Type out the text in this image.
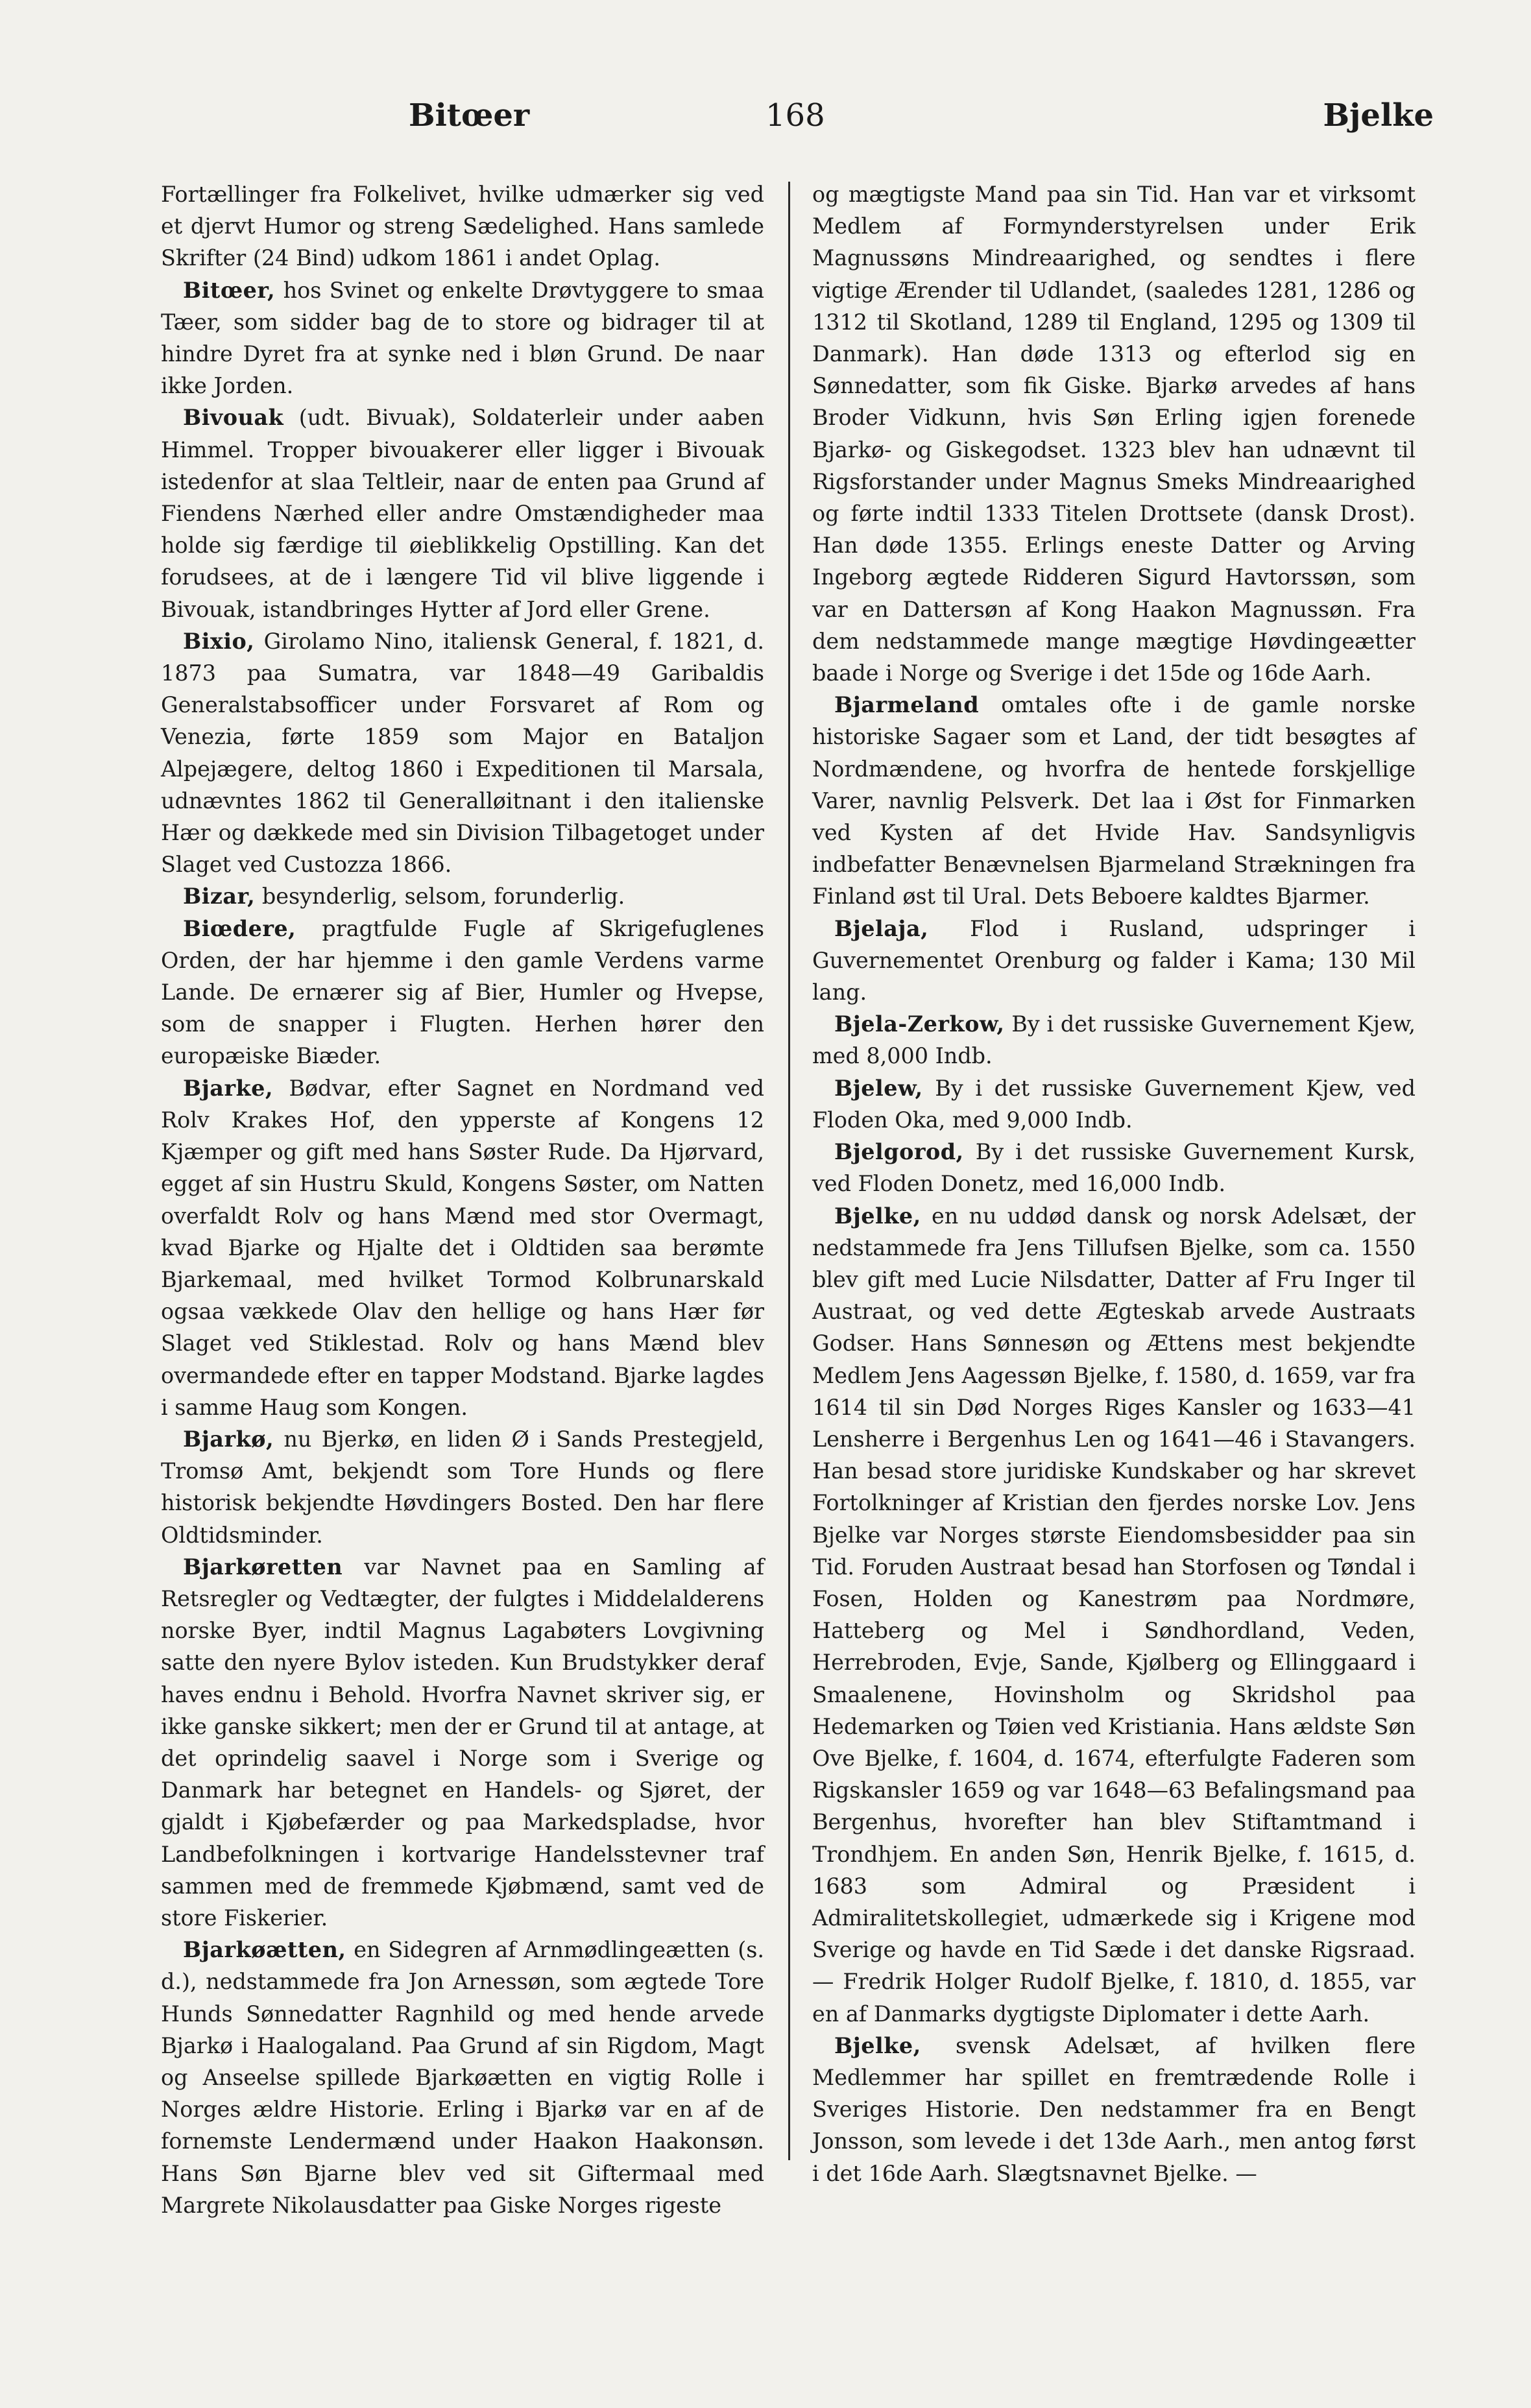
Bitœer	168	Bjelke

Fortællinger fra Folkelivet, hvilke udmærker sig ved et djervt Humor og streng Sædelighed. Hans samlede Skrifter (24 Bind) udkom 1861 i andet Oplag.

Bitœer, hos Svinet og enkelte Drøvtyggere to smaa Tæer, som sidder bag de to store og bidrager til at hindre Dyret fra at synke ned i bløn Grund. De naar ikke Jorden.

Bivouak (udt. Bivuak), Soldaterleir under aaben Himmel. Tropper bivouakerer eller ligger i Bivouak istedenfor at slaa Teltleir, naar de enten paa Grund af Fiendens Nærhed eller andre Omstændigheder maa holde sig færdige til øieblikkelig Opstilling. Kan det forudsees, at de i længere Tid vil blive liggende i Bivouak, istandbringes Hytter af Jord eller Grene.

Bixio, Girolamo Nino, italiensk General, f. 1821, d. 1873 paa Sumatra, var 1848—49 Garibaldis Generalstabsofficer under Forsvaret af Rom og Venezia, førte 1859 som Major en Bataljon Alpejægere, deltog 1860 i Expeditionen til Marsala, udnævntes 1862 til Generalløitnant i den italienske Hær og dækkede med sin Division Tilbagetoget under Slaget ved Custozza 1866.

Bizar, besynderlig, selsom, forunderlig.

Biœdere, pragtfulde Fugle af Skrigefuglenes Orden, der har hjemme i den gamle Verdens varme Lande. De ernærer sig af Bier, Humler og Hvepse, som de snapper i Flugten. Herhen hører den europæiske Biæder.

Bjarke, Bødvar, efter Sagnet en Nordmand ved Rolv Krakes Hof, den ypperste af Kongens 12 Kjæmper og gift med hans Søster Rude. Da Hjørvard, egget af sin Hustru Skuld, Kongens Søster, om Natten overfaldt Rolv og hans Mænd med stor Overmagt, kvad Bjarke og Hjalte det i Oldtiden saa berømte Bjarkemaal, med hvilket Tormod Kolbrunarskald ogsaa vækkede Olav den hellige og hans Hær før Slaget ved Stiklestad. Rolv og hans Mænd blev overmandede efter en tapper Modstand. Bjarke lagdes i samme Haug som Kongen.

Bjarkø, nu Bjerkø, en liden Ø i Sands Prestegjeld, Tromsø Amt, bekjendt som Tore Hunds og flere historisk bekjendte Høvdingers Bosted. Den har flere Oldtidsminder.

Bjarkøretten var Navnet paa en Samling af Retsregler og Vedtægter, der fulgtes i Middelalderens norske Byer, indtil Magnus Lagabøters Lovgivning satte den nyere Bylov isteden. Kun Brudstykker deraf haves endnu i Behold. Hvorfra Navnet skriver sig, er ikke ganske sikkert; men der er Grund til at antage, at det oprindelig saavel i Norge som i Sverige og Danmark har betegnet en Handels- og Sjøret, der gjaldt i Kjøbefærder og paa Markedspladse, hvor Landbefolkningen i kortvarige Handelsstevner traf sammen med de fremmede Kjøbmænd, samt ved de store Fiskerier.

Bjarkøætten, en Sidegren af Arnmødlingeætten (s. d.), nedstammede fra Jon Arnessøn, som ægtede Tore Hunds Sønnedatter Ragnhild og med hende arvede Bjarkø i Haalogaland. Paa Grund af sin Rigdom, Magt og Anseelse spillede Bjarkøætten en vigtig Rolle i Norges ældre Historie. Erling i Bjarkø var en af de fornemste Lendermænd under Haakon Haakonsøn. Hans Søn Bjarne blev ved sit Giftermaal med Margrete Nikolausdatter paa Giske Norges rigeste

og mægtigste Mand paa sin Tid. Han var et virksomt Medlem af Formynderstyrelsen under Erik Magnussøns Mindreaarighed, og sendtes i flere vigtige Ærender til Udlandet, (saaledes 1281, 1286 og 1312 til Skotland, 1289 til England, 1295 og 1309 til Danmark). Han døde 1313 og efterlod sig en Sønnedatter, som fik Giske. Bjarkø arvedes af hans Broder Vidkunn, hvis Søn Erling igjen forenede Bjarkø- og Giskegodset. 1323 blev han udnævnt til Rigsforstander under Magnus Smeks Mindreaarighed og førte indtil 1333 Titelen Drottsete (dansk Drost). Han døde 1355. Erlings eneste Datter og Arving Ingeborg ægtede Ridderen Sigurd Havtorssøn, som var en Dattersøn af Kong Haakon Magnussøn. Fra dem nedstammede mange mægtige Høvdingeætter baade i Norge og Sverige i det 15de og 16de Aarh.

Bjarmeland omtales ofte i de gamle norske historiske Sagaer som et Land, der tidt besøgtes af Nordmændene, og hvorfra de hentede forskjellige Varer, navnlig Pelsverk. Det laa i Øst for Finmarken ved Kysten af det Hvide Hav. Sandsynligvis indbefatter Benævnelsen Bjarmeland Strækningen fra Finland øst til Ural. Dets Beboere kaldtes Bjarmer.

Bjelaja, Flod i Rusland, udspringer i Guvernementet Orenburg og falder i Kama; 130 Mil lang.

Bjela-Zerkow, By i det russiske Guvernement Kjew, med 8,000 Indb.

Bjelew, By i det russiske Guvernement Kjew, ved Floden Oka, med 9,000 Indb.

Bjelgorod, By i det russiske Guvernement Kursk, ved Floden Donetz, med 16,000 Indb.

Bjelke, en nu uddød dansk og norsk Adelsæt, der nedstammede fra Jens Tillufsen Bjelke, som ca. 1550 blev gift med Lucie Nilsdatter, Datter af Fru Inger til Austraat, og ved dette Ægteskab arvede Austraats Godser. Hans Sønnesøn og Ættens mest bekjendte Medlem Jens Aagessøn Bjelke, f. 1580, d. 1659, var fra 1614 til sin Død Norges Riges Kansler og 1633—41 Lensherre i Bergenhus Len og 1641—46 i Stavangers. Han besad store juridiske Kundskaber og har skrevet Fortolkninger af Kristian den fjerdes norske Lov. Jens Bjelke var Norges største Eiendomsbesidder paa sin Tid. Foruden Austraat besad han Storfosen og Tøndal i Fosen, Holden og Kanestrøm paa Nordmøre, Hatteberg og Mel i Søndhordland, Veden, Herrebroden, Evje, Sande, Kjølberg og Ellinggaard i Smaalenene, Hovinsholm og Skridshol paa Hedemarken og Tøien ved Kristiania. Hans ældste Søn Ove Bjelke, f. 1604, d. 1674, efterfulgte Faderen som Rigskansler 1659 og var 1648—63 Befalingsmand paa Bergenhus, hvorefter han blev Stiftamtmand i Trondhjem. En anden Søn, Henrik Bjelke, f. 1615, d. 1683 som Admiral og Præsident i Admiralitetskollegiet, udmærkede sig i Krigene mod Sverige og havde en Tid Sæde i det danske Rigsraad. — Fredrik Holger Rudolf Bjelke, f. 1810, d. 1855, var en af Danmarks dygtigste Diplomater i dette Aarh.

Bjelke, svensk Adelsæt, af hvilken flere Medlemmer har spillet en fremtrædende Rolle i Sveriges Historie. Den nedstammer fra en Bengt Jonsson, som levede i det 13de Aarh., men antog først i det 16de Aarh. Slægtsnavnet Bjelke. —
